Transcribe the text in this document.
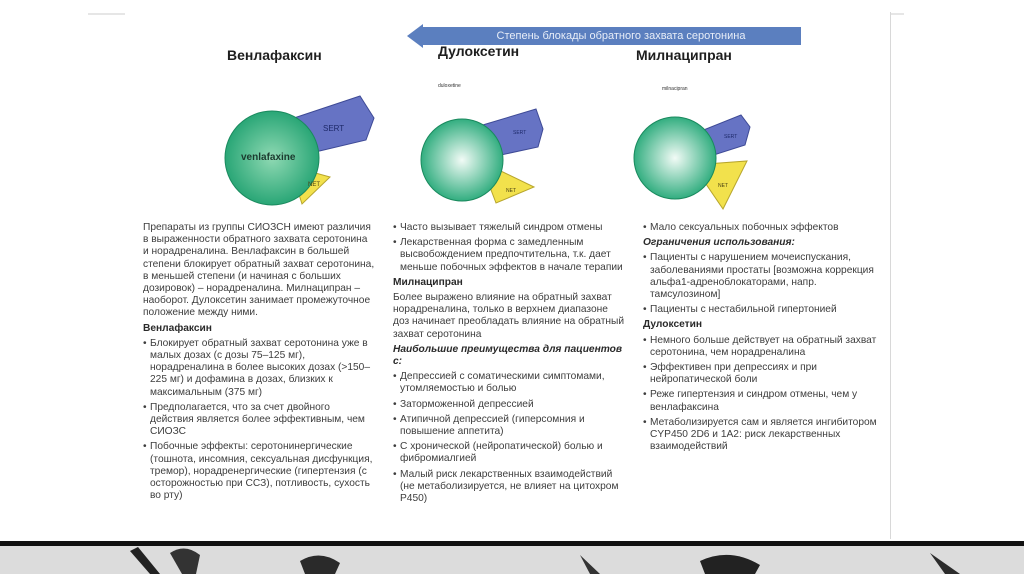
Степень блокады обратного захвата серотонина
Венлафаксин	Дулоксетин	Милнаципран
duloxetine	milnacipran
SERT
NET
venlafaxine
SERT
NET
SERT
NET

Препараты из группы СИОЗСН имеют различия в выраженности обратного захвата серотонина и норадреналина. Венлафаксин в большей степени блокирует обратный захват серотонина, в меньшей степени (и начиная с больших дозировок) – норадреналина. Милнаципран – наоборот. Дулоксетин занимает промежуточное положение между ними.

Венлафаксин
• Блокирует обратный захват серотонина уже в малых дозах (с дозы 75–125 мг), норадреналина в более высоких дозах (>150–225 мг) и дофамина в дозах, близких к максимальным (375 мг)
• Предполагается, что за счет двойного действия является более эффективным, чем СИОЗС
• Побочные эффекты: серотонинергические (тошнота, инсомния, сексуальная дисфункция, тремор), норадренергические (гипертензия (с осторожностью при ССЗ), потливость, сухость во рту)
• Часто вызывает тяжелый синдром отмены
• Лекарственная форма с замедленным высвобождением предпочтительна, т.к. дает меньше побочных эффектов в начале терапии
Милнаципран

Более выражено влияние на обратный захват норадреналина, только в верхнем диапазоне доз начинает преобладать влияние на обратный захват серотонина

Наибольшие преимущества для пациентов с:
• Депрессией с соматическими симптомами, утомляемостью и болью
• Заторможенной депрессией
• Атипичной депрессией (гиперсомния и повышение аппетита)
• С хронической (нейропатической) болью и фибромиалгией
• Малый риск лекарственных взаимодействий (не метаболизируется, не влияет на цитохром Р450)
• Мало сексуальных побочных эффектов
Ограничения использования:
• Пациенты с нарушением мочеиспускания, заболеваниями простаты [возможна коррекция альфа1-адреноблокаторами, напр. тамсулозином]
• Пациенты с нестабильной гипертонией
Дулоксетин
• Немного больше действует на обратный захват серотонина, чем норадреналина
• Эффективен при депрессиях и при нейропатической боли
• Реже гипертензия и синдром отмены, чем у венлафаксина
• Метаболизируется сам и является ингибитором CYP450 2D6 и 1A2: риск лекарственных взаимодействий
